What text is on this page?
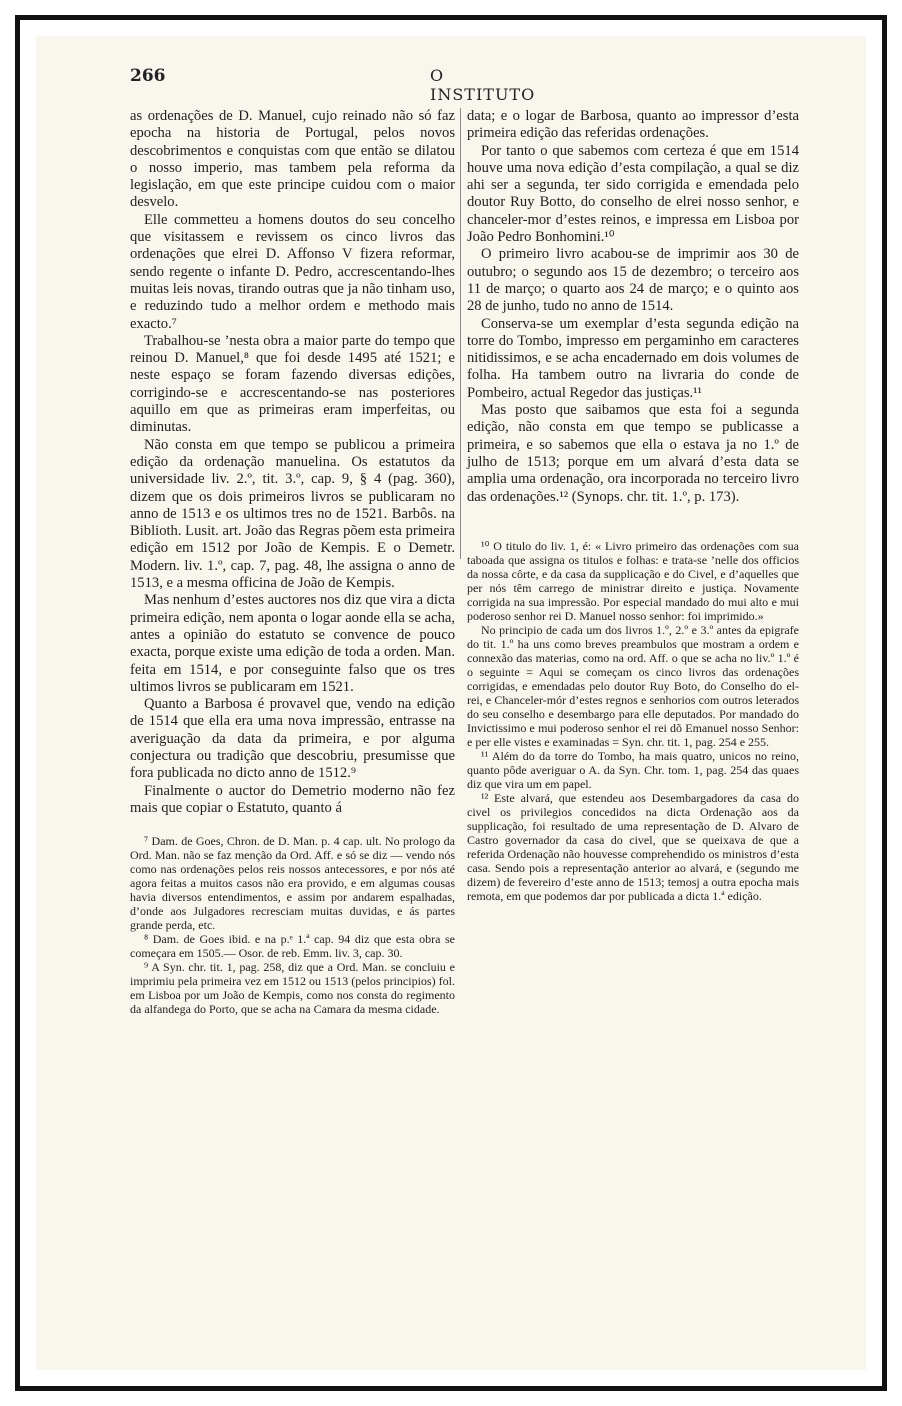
266	O INSTITUTO

as ordenações de D. Manuel, cujo reinado não só faz epocha na historia de Portugal, pelos novos descobrimentos e conquistas com que então se dilatou o nosso imperio, mas tambem pela reforma da legislação, em que este principe cuidou com o maior desvelo.

Elle commetteu a homens doutos do seu concelho que visitassem e revissem os cinco livros das ordenações que elrei D. Affonso V fizera reformar, sendo regente o infante D. Pedro, accrescentando-lhes muitas leis novas, tirando outras que ja não tinham uso, e reduzindo tudo a melhor ordem e methodo mais exacto.⁷

Trabalhou-se ’nesta obra a maior parte do tempo que reinou D. Manuel,⁸ que foi desde 1495 até 1521; e neste espaço se foram fazendo diversas edições, corrigindo-se e accrescentando-se nas posteriores aquillo em que as primeiras eram imperfeitas, ou diminutas.

Não consta em que tempo se publicou a primeira edição da ordenação manuelina. Os estatutos da universidade liv. 2.º, tit. 3.º, cap. 9, § 4 (pag. 360), dizem que os dois primeiros livros se publicaram no anno de 1513 e os ultimos tres no de 1521. Barbôs. na Biblioth. Lusit. art. João das Regras põem esta primeira edição em 1512 por João de Kempis. E o Demetr. Modern. liv. 1.º, cap. 7, pag. 48, lhe assigna o anno de 1513, e a mesma officina de João de Kempis.

Mas nenhum d’estes auctores nos diz que vira a dicta primeira edição, nem aponta o logar aonde ella se acha, antes a opinião do estatuto se convence de pouco exacta, porque existe uma edição de toda a orden. Man. feita em 1514, e por conseguinte falso que os tres ultimos livros se publicaram em 1521.

Quanto a Barbosa é provavel que, vendo na edição de 1514 que ella era uma nova impressão, entrasse na averiguação da data da primeira, e por alguma conjectura ou tradição que descobriu, presumisse que fora publicada no dicto anno de 1512.⁹

Finalmente o auctor do Demetrio moderno não fez mais que copiar o Estatuto, quanto á

⁷ Dam. de Goes, Chron. de D. Man. p. 4 cap. ult. No prologo da Ord. Man. não se faz menção da Ord. Aff. e só se diz — vendo nós como nas ordenações pelos reis nossos antecessores, e por nós até agora feitas a muitos casos não era provido, e em algumas cousas havia diversos entendimentos, e assim por andarem espalhadas, d’onde aos Julgadores recresciam muitas duvidas, e ás partes grande perda, etc.

⁸ Dam. de Goes ibid. e na p.ᵉ 1.ª cap. 94 diz que esta obra se começara em 1505.— Osor. de reb. Emm. liv. 3, cap. 30.

⁹ A Syn. chr. tit. 1, pag. 258, diz que a Ord. Man. se concluiu e imprimiu pela primeira vez em 1512 ou 1513 (pelos principios) fol. em Lisboa por um João de Kempis, como nos consta do regimento da alfandega do Porto, que se acha na Camara da mesma cidade.

data; e o logar de Barbosa, quanto ao impressor d’esta primeira edição das referidas ordenações.

Por tanto o que sabemos com certeza é que em 1514 houve uma nova edição d’esta compilação, a qual se diz ahi ser a segunda, ter sido corrigida e emendada pelo doutor Ruy Botto, do conselho de elrei nosso senhor, e chanceler-mor d’estes reinos, e impressa em Lisboa por João Pedro Bonhomini.¹⁰

O primeiro livro acabou-se de imprimir aos 30 de outubro; o segundo aos 15 de dezembro; o terceiro aos 11 de março; o quarto aos 24 de março; e o quinto aos 28 de junho, tudo no anno de 1514.

Conserva-se um exemplar d’esta segunda edição na torre do Tombo, impresso em pergaminho em caracteres nitidissimos, e se acha encadernado em dois volumes de folha. Ha tambem outro na livraria do conde de Pombeiro, actual Regedor das justiças.¹¹

Mas posto que saibamos que esta foi a segunda edição, não consta em que tempo se publicasse a primeira, e so sabemos que ella o estava ja no 1.º de julho de 1513; porque em um alvará d’esta data se amplia uma ordenação, ora incorporada no terceiro livro das ordenações.¹² (Synops. chr. tit. 1.º, p. 173).

¹⁰ O titulo do liv. 1, é: « Livro primeiro das ordenações com sua taboada que assigna os titulos e folhas: e trata-se ’nelle dos officios da nossa côrte, e da casa da supplicação e do Civel, e d’aquelles que per nós têm carrego de ministrar direito e justiça. Novamente corrigida na sua impressão. Por especial mandado do mui alto e mui poderoso senhor rei D. Manuel nosso senhor: foi imprimido.»

No principio de cada um dos livros 1.º, 2.º e 3.º antes da epigrafe do tit. 1.º ha uns como breves preambulos que mostram a ordem e connexão das materias, como na ord. Aff. o que se acha no liv.º 1.º é o seguinte = Aqui se começam os cinco livros das ordenações corrigidas, e emendadas pelo doutor Ruy Boto, do Conselho do el-rei, e Chanceler-mór d’estes regnos e senhorios com outros leterados do seu conselho e desembargo para elle deputados. Por mandado do Invictissimo e mui poderoso senhor el rei dõ Emanuel nosso Senhor: e per elle vistes e examinadas = Syn. chr. tit. 1, pag. 254 e 255.

¹¹ Além do da torre do Tombo, ha mais quatro, unicos no reino, quanto pôde averiguar o A. da Syn. Chr. tom. 1, pag. 254 das quaes diz que vira um em papel.

¹² Este alvará, que estendeu aos Desembargadores da casa do civel os privilegios concedidos na dicta Ordenação aos da supplicação, foi resultado de uma representação de D. Alvaro de Castro governador da casa do civel, que se queixava de que a referida Ordenação não houvesse comprehendido os ministros d’esta casa. Sendo pois a representação anterior ao alvará, e (segundo me dizem) de fevereiro d’este anno de 1513; temosj a outra epocha mais remota, em que podemos dar por publicada a dicta 1.ª edição.
